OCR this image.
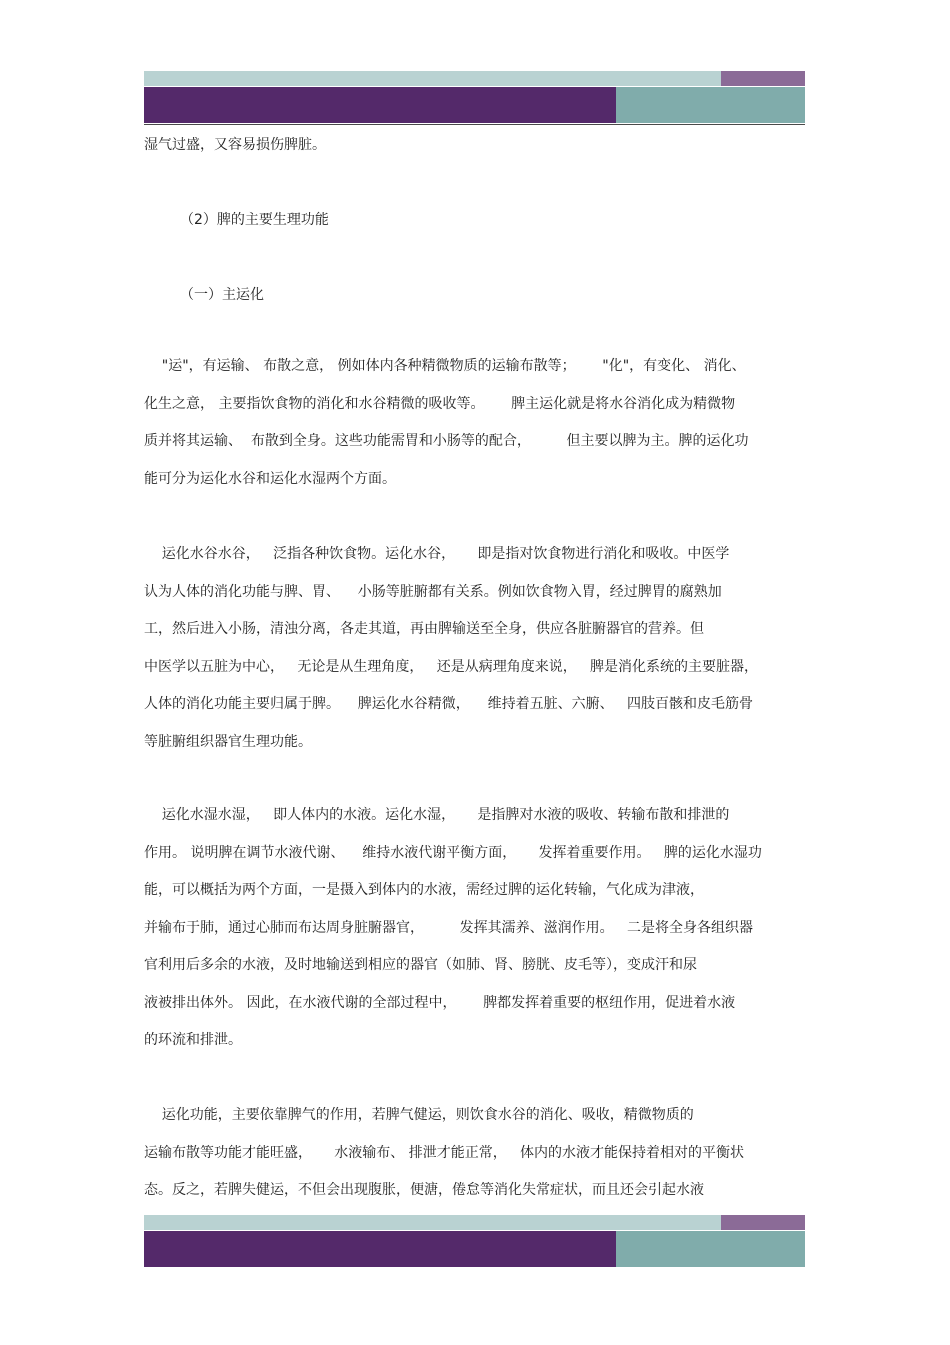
湿气过盛，又容易损伤脾脏。
（2）脾的主要生理功能
（一）主运化

"运"，有运输、 布散之意， 例如体内各种精微物质的运输布散等；      "化"，有变化、 消化、

化生之意， 主要指饮食物的消化和水谷精微的吸收等。      脾主运化就是将水谷消化成为精微物

质并将其运输、  布散到全身。这些功能需胃和小肠等的配合，        但主要以脾为主。脾的运化功

能可分为运化水谷和运化水湿两个方面。

运化水谷水谷，   泛指各种饮食物。运化水谷，     即是指对饮食物进行消化和吸收。中医学

认为人体的消化功能与脾、胃、    小肠等脏腑都有关系。例如饮食物入胃，经过脾胃的腐熟加

工，然后进入小肠，清浊分离，各走其道，再由脾输送至全身，供应各脏腑器官的营养。但

中医学以五脏为中心，   无论是从生理角度，   还是从病理角度来说，   脾是消化系统的主要脏器，

人体的消化功能主要归属于脾。    脾运化水谷精微，    维持着五脏、六腑、   四肢百骸和皮毛筋骨

等脏腑组织器官生理功能。

运化水湿水湿，   即人体内的水液。运化水湿，     是指脾对水液的吸收、转输布散和排泄的

作用。 说明脾在调节水液代谢、    维持水液代谢平衡方面，     发挥着重要作用。   脾的运化水湿功

能，可以概括为两个方面，一是摄入到体内的水液，需经过脾的运化转输，气化成为津液，

并输布于肺，通过心肺而布达周身脏腑器官，        发挥其濡养、滋润作用。   二是将全身各组织器

官利用后多余的水液，及时地输送到相应的器官（如肺、肾、膀胱、皮毛等），变成汗和尿

液被排出体外。 因此，在水液代谢的全部过程中，      脾都发挥着重要的枢纽作用，促进着水液

的环流和排泄。

运化功能，主要依靠脾气的作用，若脾气健运，则饮食水谷的消化、吸收，精微物质的

运输布散等功能才能旺盛，     水液输布、 排泄才能正常，   体内的水液才能保持着相对的平衡状

态。反之，若脾失健运，不但会出现腹胀，便溏，倦怠等消化失常症状，而且还会引起水液
